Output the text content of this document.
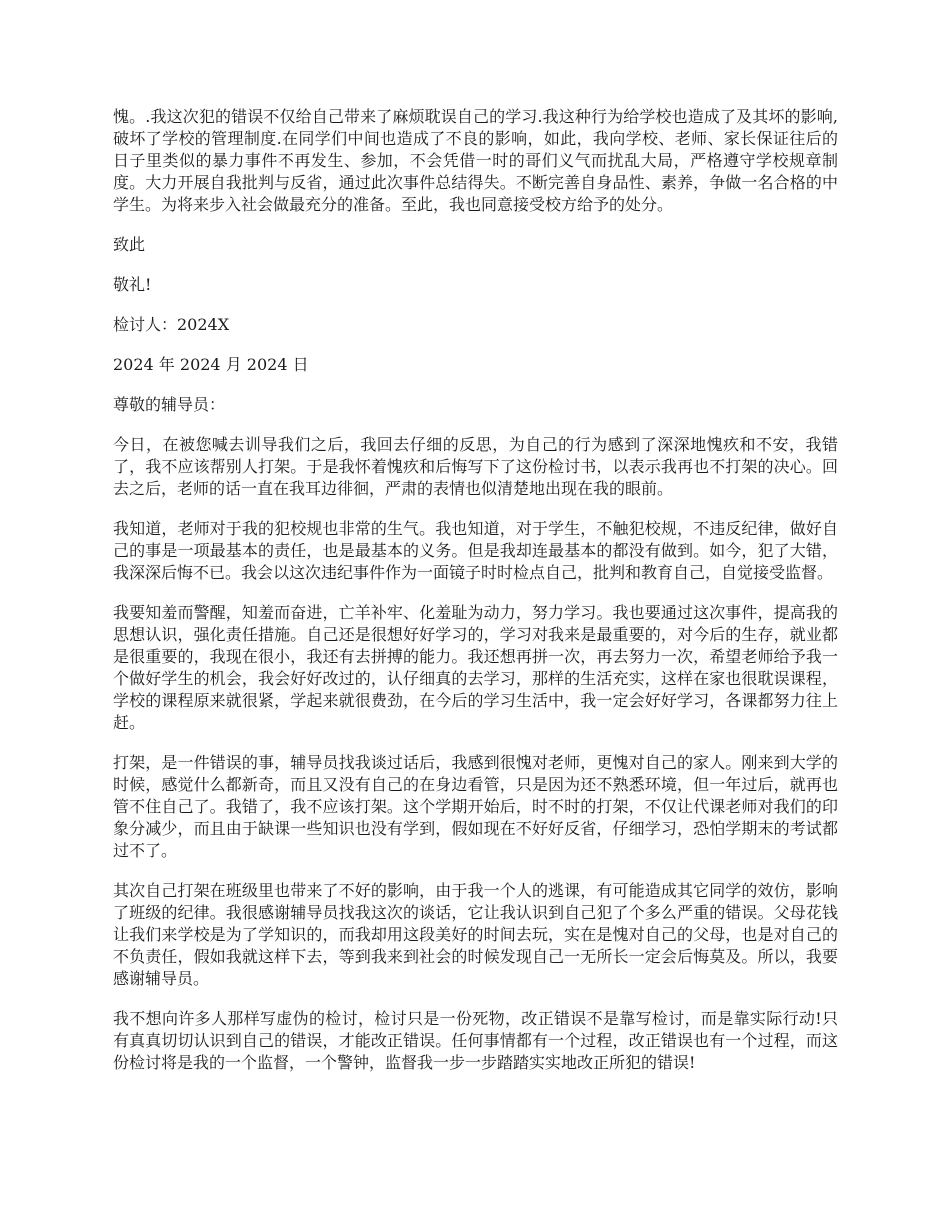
愧。.我这次犯的错误不仅给自己带来了麻烦耽误自己的学习.我这种行为给学校也造成了及其坏的影响,破坏了学校的管理制度.在同学们中间也造成了不良的影响，如此，我向学校、老师、家长保证往后的日子里类似的暴力事件不再发生、参加，不会凭借一时的哥们义气而扰乱大局，严格遵守学校规章制度。大力开展自我批判与反省，通过此次事件总结得失。不断完善自身品性、素养，争做一名合格的中学生。为将来步入社会做最充分的准备。至此，我也同意接受校方给予的处分。

致此

敬礼!

检讨人：2024X

2024 年 2024 月 2024 日

尊敬的辅导员：

今日，在被您喊去训导我们之后，我回去仔细的反思，为自己的行为感到了深深地愧疚和不安，我错了，我不应该帮别人打架。于是我怀着愧疚和后悔写下了这份检讨书，以表示我再也不打架的决心。回去之后，老师的话一直在我耳边徘徊，严肃的表情也似清楚地出现在我的眼前。

我知道，老师对于我的犯校规也非常的生气。我也知道，对于学生，不触犯校规，不违反纪律，做好自己的事是一项最基本的责任，也是最基本的义务。但是我却连最基本的都没有做到。如今，犯了大错，我深深后悔不已。我会以这次违纪事件作为一面镜子时时检点自己，批判和教育自己，自觉接受监督。

我要知羞而警醒，知羞而奋进，亡羊补牢、化羞耻为动力，努力学习。我也要通过这次事件，提高我的思想认识，强化责任措施。自己还是很想好好学习的，学习对我来是最重要的，对今后的生存，就业都是很重要的，我现在很小，我还有去拼搏的能力。我还想再拼一次，再去努力一次，希望老师给予我一个做好学生的机会，我会好好改过的，认仔细真的去学习，那样的生活充实，这样在家也很耽误课程，学校的课程原来就很紧，学起来就很费劲，在今后的学习生活中，我一定会好好学习，各课都努力往上赶。

打架，是一件错误的事，辅导员找我谈过话后，我感到很愧对老师，更愧对自己的家人。刚来到大学的时候，感觉什么都新奇，而且又没有自己的在身边看管，只是因为还不熟悉环境，但一年过后，就再也管不住自己了。我错了，我不应该打架。这个学期开始后，时不时的打架，不仅让代课老师对我们的印象分减少，而且由于缺课一些知识也没有学到，假如现在不好好反省，仔细学习，恐怕学期末的考试都过不了。

其次自己打架在班级里也带来了不好的影响，由于我一个人的逃课，有可能造成其它同学的效仿，影响了班级的纪律。我很感谢辅导员找我这次的谈话，它让我认识到自己犯了个多么严重的错误。父母花钱让我们来学校是为了学知识的，而我却用这段美好的时间去玩，实在是愧对自己的父母，也是对自己的不负责任，假如我就这样下去，等到我来到社会的时候发现自己一无所长一定会后悔莫及。所以，我要感谢辅导员。

我不想向许多人那样写虚伪的检讨，检讨只是一份死物，改正错误不是靠写检讨，而是靠实际行动!只有真真切切认识到自己的错误，才能改正错误。任何事情都有一个过程，改正错误也有一个过程，而这份检讨将是我的一个监督，一个警钟，监督我一步一步踏踏实实地改正所犯的错误!
